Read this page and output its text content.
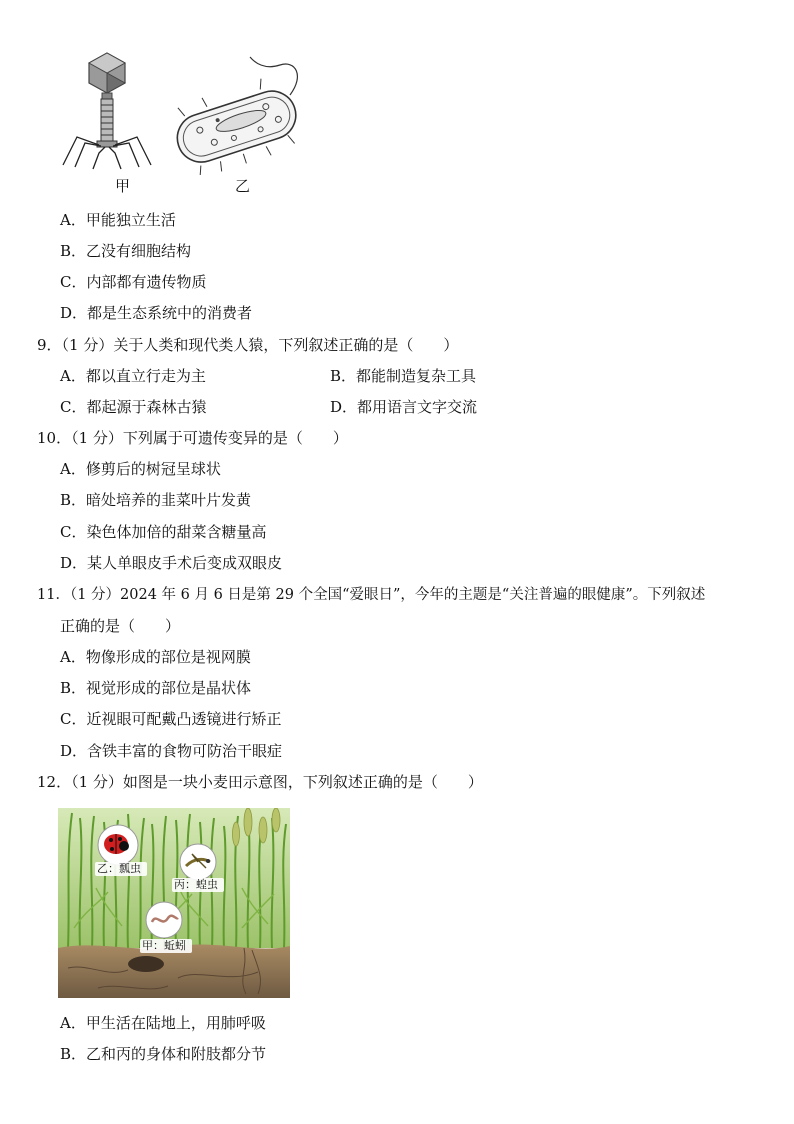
甲	乙
A．甲能独立生活
B．乙没有细胞结构
C．内部都有遗传物质
D．都是生态系统中的消费者
9．（1 分）关于人类和现代类人猿，下列叙述正确的是（　　）
A．都以直立行走为主	B．都能制造复杂工具
C．都起源于森林古猿	D．都用语言文字交流
10．（1 分）下列属于可遗传变异的是（　　）
A．修剪后的树冠呈球状
B．暗处培养的韭菜叶片发黄
C．染色体加倍的甜菜含糖量高
D．某人单眼皮手术后变成双眼皮
11．（1 分）2024 年 6 月 6 日是第 29 个全国“爱眼日”，今年的主题是“关注普遍的眼健康”。下列叙述
正确的是（　　）
A．物像形成的部位是视网膜
B．视觉形成的部位是晶状体
C．近视眼可配戴凸透镜进行矫正
D．含铁丰富的食物可防治干眼症
12．（1 分）如图是一块小麦田示意图，下列叙述正确的是（　　）
乙：瓢虫
丙：蝗虫
甲：蚯蚓
A．甲生活在陆地上，用肺呼吸
B．乙和丙的身体和附肢都分节
